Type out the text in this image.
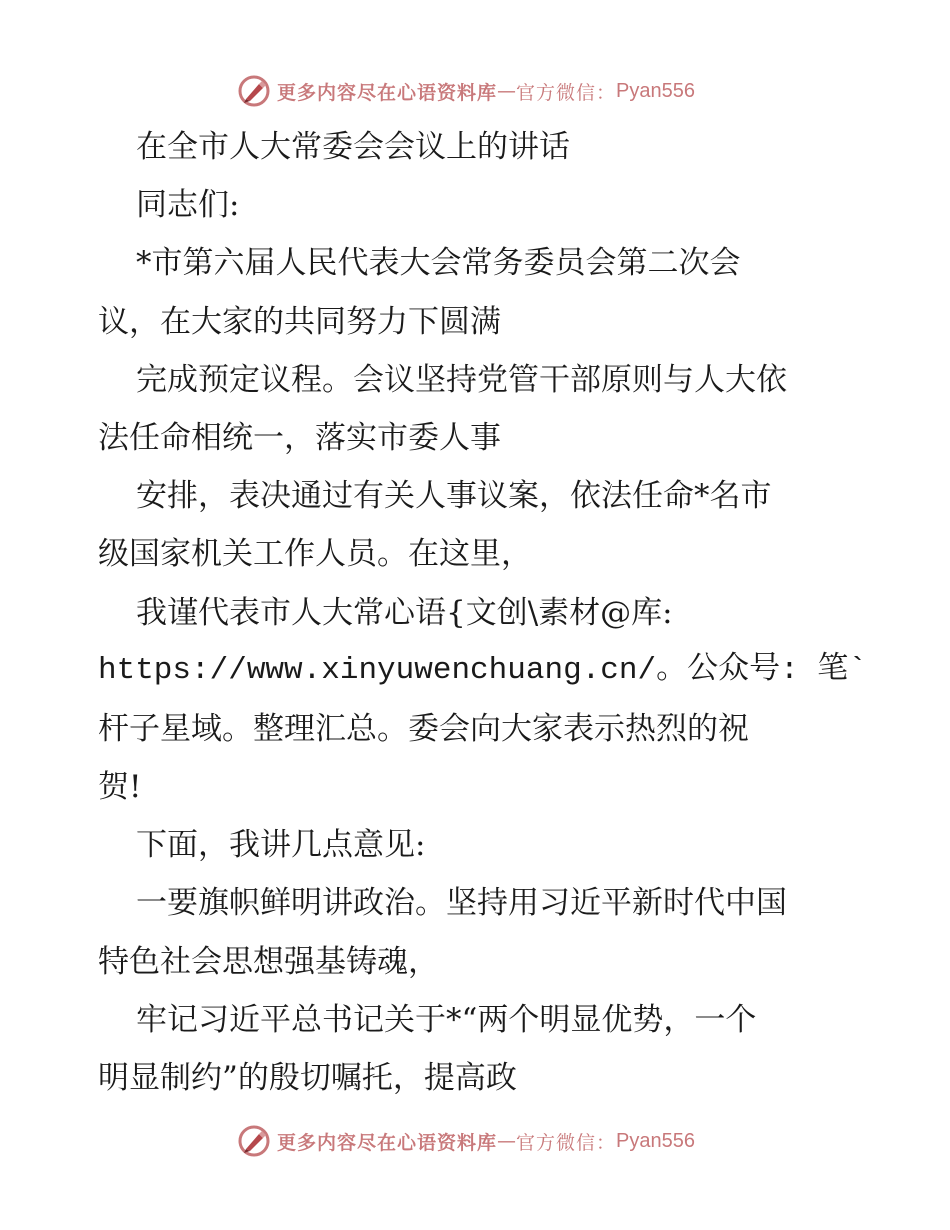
更多内容尽在心语资料库 — 官方微信： Pyan556
在全市人大常委会会议上的讲话
同志们:
*市第六届人民代表大会常务委员会第二次会
议，在大家的共同努力下圆满
完成预定议程。会议坚持党管干部原则与人大依
法任命相统一，落实市委人事
安排，表决通过有关人事议案，依法任命*名市
级国家机关工作人员。在这里，
我谨代表市人大常心语{文创\素材@库:
https://www.xinyuwenchuang.cn/。公众号: 笔`
杆子星域。整理汇总。委会向大家表示热烈的祝
贺!
下面，我讲几点意见:
一要旗帜鲜明讲政治。坚持用习近平新时代中国
特色社会思想强基铸魂，
牢记习近平总书记关于*“两个明显优势，一个
明显制约”的殷切嘱托，提高政
更多内容尽在心语资料库 — 官方微信： Pyan556
